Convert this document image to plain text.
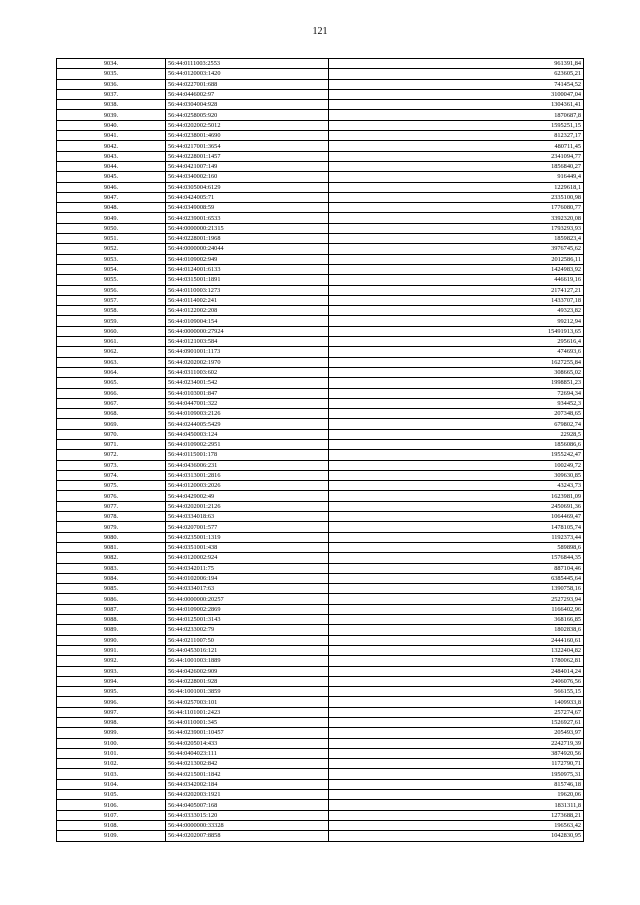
121
9034.	56:44:0111003:2553	961391,84
9035.	56:44:0120003:1420	623605,21
9036.	56:44:0227001:688	741454,52
9037.	56:44:0446002:97	3100047,04
9038.	56:44:0304004:928	1304361,41
9039.	56:44:0258005:920	1870687,8
9040.	56:44:0202002:5012	1595251,15
9041.	56:44:0238001:4690	812327,17
9042.	56:44:0217001:3654	480711,45
9043.	56:44:0228001:1457	2341094,77
9044.	56:44:0421007:149	1856840,27
9045.	56:44:0340002:160	916449,4
9046.	56:44:0305004:6129	1229618,1
9047.	56:44:0424005:71	2335100,98
9048.	56:44:0349008:59	1776080,77
9049.	56:44:0239001:6533	3392320,08
9050.	56:44:0000000:21315	1793293,93
9051.	56:44:0228001:1968	1859823,4
9052.	56:44:0000000:24044	3976745,62
9053.	56:44:0109002:949	2012586,11
9054.	56:44:0124001:6133	1424983,92
9055.	56:44:0315001:1891	446619,16
9056.	56:44:0110003:1273	2174127,21
9057.	56:44:0114002:241	1433707,18
9058.	56:44:0122002:208	49323,82
9059.	56:44:0109004:154	99212,94
9060.	56:44:0000000:27924	15491913,65
9061.	56:44:0121003:584	295616,4
9062.	56:44:0901001:1173	474693,6
9063.	56:44:0202002:1970	1627255,84
9064.	56:44:0311003:602	308665,02
9065.	56:44:0234001:542	1998851,23
9066.	56:44:0103001:847	72694,34
9067.	56:44:0447001:322	934452,3
9068.	56:44:0109003:2126	207348,65
9069.	56:44:0244005:5429	679802,74
9070.	56:44:0450003:124	22928,5
9071.	56:44:0109002:2951	1856086,6
9072.	56:44:0115001:178	1955242,47
9073.	56:44:0436006:231	100249,72
9074.	56:44:0313001:2816	309630,85
9075.	56:44:0120003:2026	43243,73
9076.	56:44:0429002:49	1623981,09
9077.	56:44:0202001:2126	2450691,36
9078.	56:44:0334018:63	1064469,47
9079.	56:44:0207001:577	1478105,74
9080.	56:44:0235001:1319	1192373,44
9081.	56:44:0351001:438	589898,6
9082.	56:44:0120002:924	1576844,35
9083.	56:44:0342011:75	887104,46
9084.	56:44:0102006:194	6385445,64
9085.	56:44:0334017:63	1390758,16
9086.	56:44:0000000:20257	2527293,94
9087.	56:44:0109002:2869	1166402,96
9088.	56:44:0125001:3143	368166,85
9089.	56:44:0233002:79	1802838,6
9090.	56:44:0211007:50	2444160,61
9091.	56:44:0453016:121	1322404,82
9092.	56:44:1001003:1889	1780062,81
9093.	56:44:0426002:909	2484014,24
9094.	56:44:0228001:928	2406076,56
9095.	56:44:1001001:3859	566155,15
9096.	56:44:0257003:101	1409933,8
9097.	56:44:1101001:2423	257274,67
9098.	56:44:0110001:345	1526927,61
9099.	56:44:0239001:10457	205493,97
9100.	56:44:0205014:433	2242719,39
9101.	56:44:0404023:111	3874920,56
9102.	56:44:0213002:842	1172790,71
9103.	56:44:0215001:1842	1950975,31
9104.	56:44:0342002:184	815746,18
9105.	56:44:0202003:1921	19620,06
9106.	56:44:0405007:168	1831311,8
9107.	56:44:0333015:120	1273688,21
9108.	56:44:0000000:33328	196563,42
9109.	56:44:0202007:8858	1042830,95
